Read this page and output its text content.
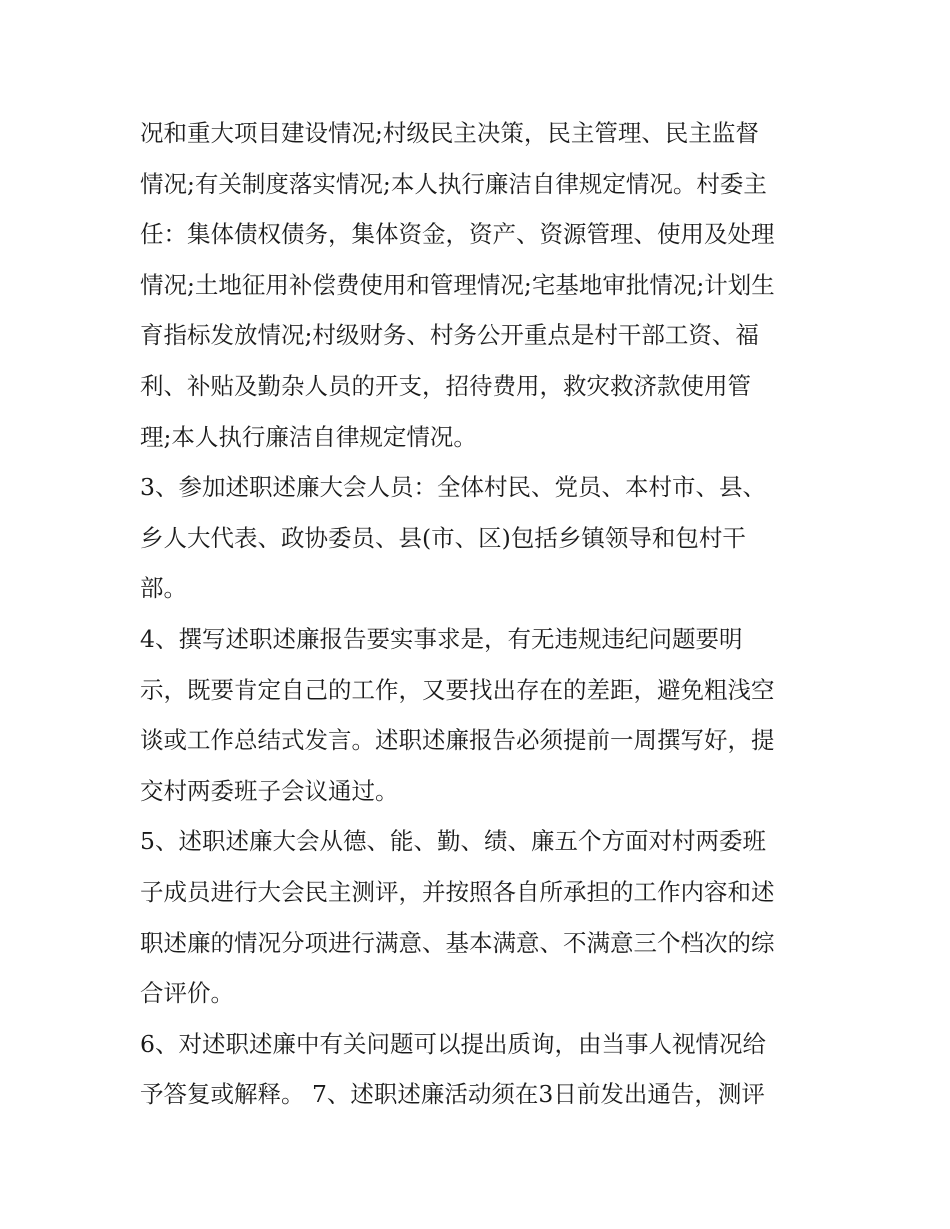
况和重大项目建设情况;村级民主决策，民主管理、民主监督
情况;有关制度落实情况;本人执行廉洁自律规定情况。村委主
任：集体债权债务，集体资金，资产、资源管理、使用及处理
情况;土地征用补偿费使用和管理情况;宅基地审批情况;计划生
育指标发放情况;村级财务、村务公开重点是村干部工资、福
利、补贴及勤杂人员的开支，招待费用，救灾救济款使用管
理;本人执行廉洁自律规定情况。

3、参加述职述廉大会人员：全体村民、党员、本村市、县、
乡人大代表、政协委员、县(市、区)包括乡镇领导和包村干
部。

4、撰写述职述廉报告要实事求是，有无违规违纪问题要明
示，既要肯定自己的工作，又要找出存在的差距，避免粗浅空
谈或工作总结式发言。述职述廉报告必须提前一周撰写好，提
交村两委班子会议通过。

5、述职述廉大会从德、能、勤、绩、廉五个方面对村两委班
子成员进行大会民主测评，并按照各自所承担的工作内容和述
职述廉的情况分项进行满意、基本满意、不满意三个档次的综
合评价。

6、对述职述廉中有关问题可以提出质询，由当事人视情况给
予答复或解释。 7、述职述廉活动须在3日前发出通告，测评
